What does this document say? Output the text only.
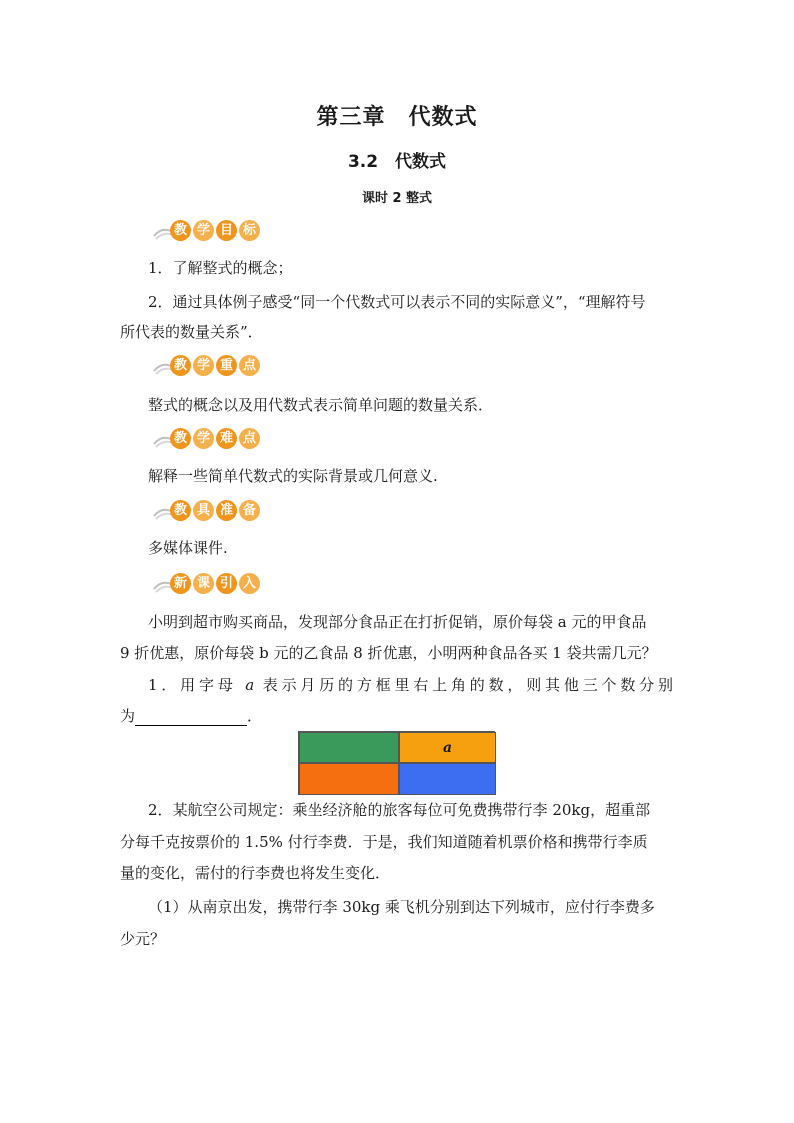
第三章　代数式
3.2　代数式
课时 2 整式
教 学 目 标
1．了解整式的概念；
2．通过具体例子感受“同一个代数式可以表示不同的实际意义”，“理解符号
所代表的数量关系”．
教 学 重 点
整式的概念以及用代数式表示简单问题的数量关系．
教 学 难 点
解释一些简单代数式的实际背景或几何意义.
教 具 准 备
多媒体课件.
新 课 引 入
小明到超市购买商品，发现部分食品正在打折促销，原价每袋 a 元的甲食品
9 折优惠，原价每袋 b 元的乙食品 8 折优惠，小明两种食品各买 1 袋共需几元？
1．用字母 a 表示月历的方框里右上角的数，则其他三个数分别
为	．
a
2．某航空公司规定：乘坐经济舱的旅客每位可免费携带行李 20kg，超重部
分每千克按票价的 1.5% 付行李费．于是，我们知道随着机票价格和携带行李质
量的变化，需付的行李费也将发生变化．
（1）从南京出发，携带行李 30kg 乘飞机分别到达下列城市，应付行李费多
少元？
